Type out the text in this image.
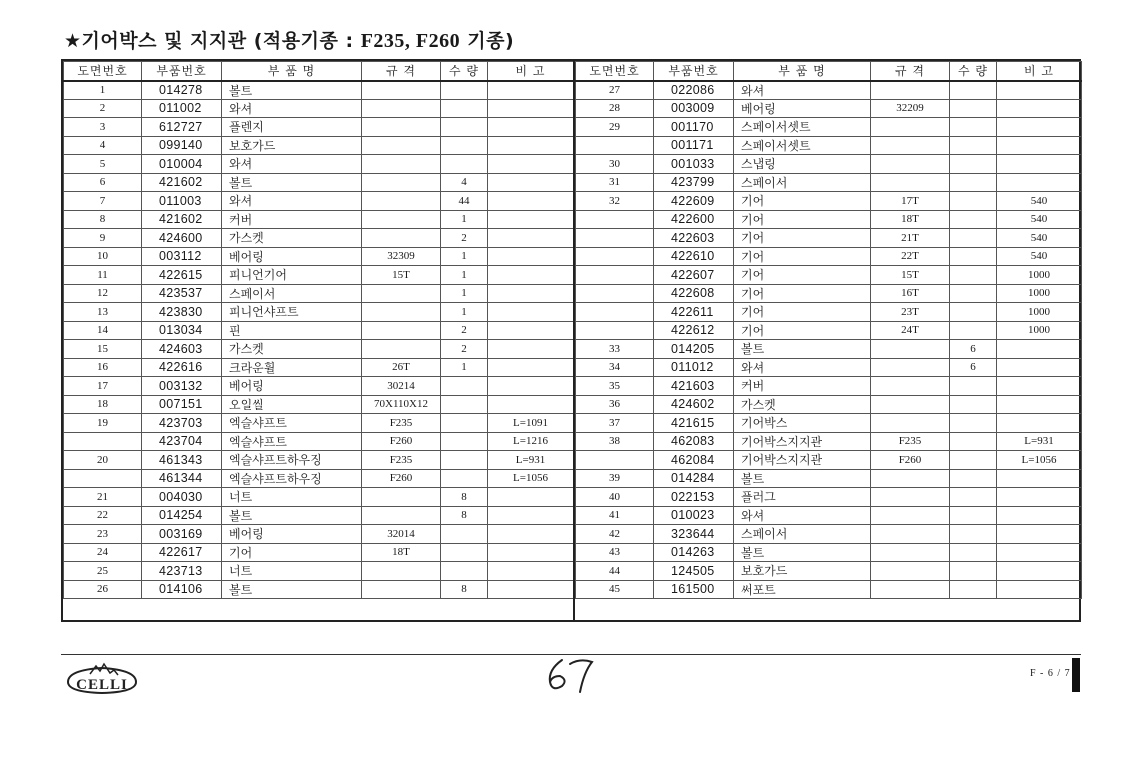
★기어박스 및 지지관 (적용기종 : F235, F260 기종)
도면번호	부품번호	부 품 명	규 격	수 량	비 고
1	014278	볼트			
2	011002	와셔			
3	612727	플렌지			
4	099140	보호가드			
5	010004	와셔			
6	421602	볼트		4	
7	011003	와셔		44	
8	421602	커버		1	
9	424600	가스켓		2	
10	003112	베어링	32309	1	
11	422615	피니언기어	15T	1	
12	423537	스페이서		1	
13	423830	피니언샤프트		1	
14	013034	핀		2	
15	424603	가스켓		2	
16	422616	크라운휠	26T	1	
17	003132	베어링	30214		
18	007151	오일씰	70X110X12		
19	423703	엑슬샤프트	F235		L=1091
	423704	엑슬샤프트	F260		L=1216
20	461343	엑슬샤프트하우징	F235		L=931
	461344	엑슬샤프트하우징	F260		L=1056
21	004030	너트		8	
22	014254	볼트		8	
23	003169	베어링	32014		
24	422617	기어	18T		
25	423713	너트			
26	014106	볼트		8	
도면번호	부품번호	부 품 명	규 격	수 량	비 고
27	022086	와셔			
28	003009	베어링	32209		
29	001170	스페이서셋트			
	001171	스페이서셋트			
30	001033	스냅링			
31	423799	스페이서			
32	422609	기어	17T		540
	422600	기어	18T		540
	422603	기어	21T		540
	422610	기어	22T		540
	422607	기어	15T		1000
	422608	기어	16T		1000
	422611	기어	23T		1000
	422612	기어	24T		1000
33	014205	볼트		6	
34	011012	와셔		6	
35	421603	커버			
36	424602	가스켓			
37	421615	기어박스			
38	462083	기어박스지지관	F235		L=931
	462084	기어박스지지관	F260		L=1056
39	014284	볼트			
40	022153	플러그			
41	010023	와셔			
42	323644	스페이서			
43	014263	볼트			
44	124505	보호가드			
45	161500	써포트			
CELLI
F - 6 / 7
